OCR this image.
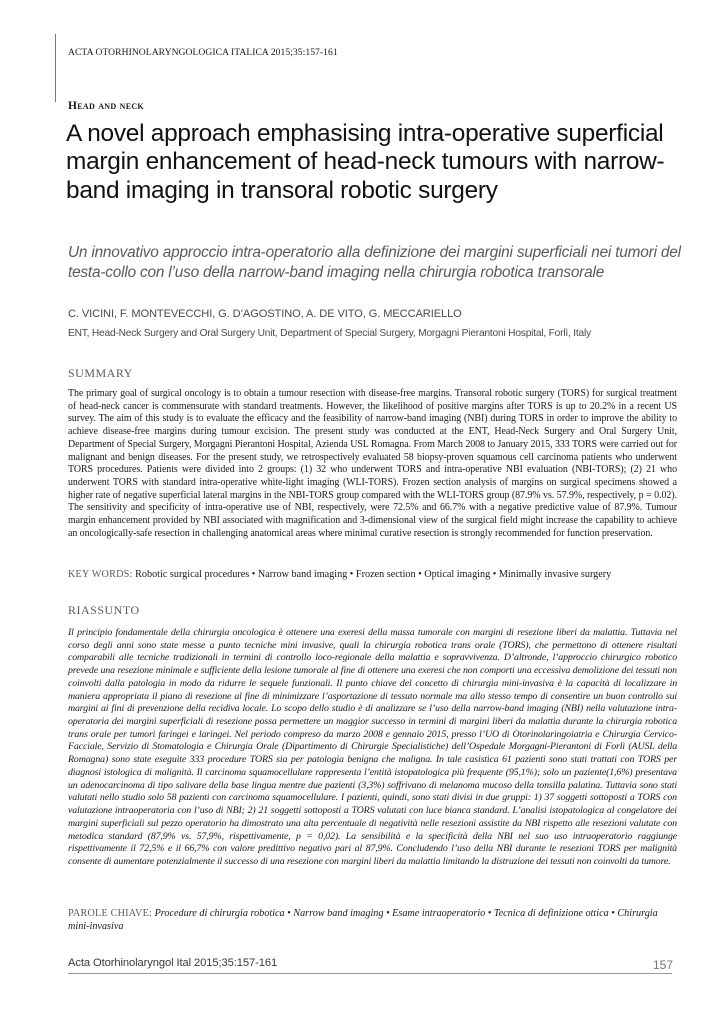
ACTA OTORHINOLARYNGOLOGICA ITALICA 2015;35:157-161
Head and neck
A novel approach emphasising intra-operative superficial margin enhancement of head-neck tumours with narrow-band imaging in transoral robotic surgery
Un innovativo approccio intra-operatorio alla definizione dei margini superficiali nei tumori del testa-collo con l’uso della narrow-band imaging nella chirurgia robotica transorale
C. VICINI, F. MONTEVECCHI, G. D’AGOSTINO, A. DE VITO, G. MECCARIELLO
ENT, Head-Neck Surgery and Oral Surgery Unit, Department of Special Surgery, Morgagni Pierantoni Hospital, Forlì, Italy
SUMMARY
The primary goal of surgical oncology is to obtain a tumour resection with disease-free margins. Transoral robotic surgery (TORS) for surgical treatment of head-neck cancer is commensurate with standard treatments. However, the likelihood of positive margins after TORS is up to 20.2% in a recent US survey. The aim of this study is to evaluate the efficacy and the feasibility of narrow-band imaging (NBI) during TORS in order to improve the ability to achieve disease-free margins during tumour excision. The present study was conducted at the ENT, Head-Neck Surgery and Oral Surgery Unit, Department of Special Surgery, Morgagni Pierantoni Hospital, Azienda USL Romagna. From March 2008 to January 2015, 333 TORS were carried out for malignant and benign diseases. For the present study, we retrospectively evaluated 58 biopsy-proven squamous cell carcinoma patients who underwent TORS procedures. Patients were divided into 2 groups: (1) 32 who underwent TORS and intra-operative NBI evaluation (NBI-TORS); (2) 21 who underwent TORS with standard intra-operative white-light imaging (WLI-TORS). Frozen section analysis of margins on surgical specimens showed a higher rate of negative superficial lateral margins in the NBI-TORS group compared with the WLI-TORS group (87.9% vs. 57.9%, respectively, p = 0.02). The sensitivity and specificity of intra-operative use of NBI, respectively, were 72.5% and 66.7% with a negative predictive value of 87.9%. Tumour margin enhancement provided by NBI associated with magnification and 3-dimensional view of the surgical field might increase the capability to achieve an oncologically-safe resection in challenging anatomical areas where minimal curative resection is strongly recommended for function preservation.
KEY WORDS: Robotic surgical procedures • Narrow band imaging • Frozen section • Optical imaging • Minimally invasive surgery
RIASSUNTO
Il principio fondamentale della chirurgia oncologica è ottenere una exeresi della massa tumorale con margini di resezione liberi da malattia. Tuttavia nel corso degli anni sono state messe a punto tecniche mini invasive, quali la chirurgia robotica trans orale (TORS), che permettono di ottenere risultati comparabili alle tecniche tradizionali in termini di controllo loco-regionale della malattia e sopravvivenza. D’altronde, l’approccio chirurgico robotico prevede una resezione minimale e sufficiente della lesione tumorale al fine di ottenere una exeresi che non comporti una eccessiva demolizione dei tessuti non coinvolti dalla patologia in modo da ridurre le sequele funzionali. Il punto chiave del concetto di chirurgia mini-invasiva è la capacità di localizzare in maniera appropriata il piano di resezione al fine di minimizzare l’asportazione di tessuto normale ma allo stesso tempo di consentire un buon controllo sui margini ai fini di prevenzione della recidiva locale. Lo scopo dello studio è di analizzare se l’uso della narrow-band imaging (NBI) nella valutazione intra-operatoria dei margini superficiali di resezione possa permettere un maggior successo in termini di margini liberi da malattia durante la chirurgia robotica trans orale per tumori faringei e laringei. Nel periodo compreso da marzo 2008 e gennaio 2015, presso l’UO di Otorinolaringoiatria e Chirurgia Cervico-Facciale, Servizio di Stomatologia e Chirurgia Orale (Dipartimento di Chirurgie Specialistiche) dell’Ospedale Morgagni-Pierantoni di Forlì (AUSL della Romagna) sono state eseguite 333 procedure TORS sia per patologia benigna che maligna. In tale casistica 61 pazienti sono stati trattati con TORS per diagnosi istologica di malignità. Il carcinoma squamocellulare rappresenta l’entità istopatologica più frequente (95,1%); solo un paziente(1,6%) presentava un adenocarcinoma di tipo salivare della base lingua mentre due pazienti (3,3%) soffrivano di melanoma mucoso della tonsilla palatina. Tuttavia sono stati valutati nello studio solo 58 pazienti con carcinoma squamocellulare. I pazienti, quindi, sono stati divisi in due gruppi: 1) 37 soggetti sottoposti a TORS con valutazione intraoperatoria con l’uso di NBI; 2) 21 soggetti sottoposti a TORS valutati con luce bianca standard. L’analisi istopatologica al congelatore dei margini superficiali sul pezzo operatorio ha dimostrato una alta percentuale di negatività nelle resezioni assistite da NBI rispetto alle resezioni valutate con metodica standard (87,9% vs. 57,9%, rispettivamente, p = 0,02). La sensibilità e la specificità della NBI nel suo uso intraoperatorio raggiunge rispettivamente il 72,5% e il 66,7% con valore predittivo negativo pari al 87,9%. Concludendo l’uso della NBI durante le resezioni TORS per malignità consente di aumentare potenzialmente il successo di una resezione con margini liberi da malattia limitando la distruzione dei tessuti non coinvolti da tumore.
PAROLE CHIAVE: Procedure di chirurgia robotica • Narrow band imaging • Esame intraoperatorio • Tecnica di definizione ottica • Chirurgia mini-invasiva
Acta Otorhinolaryngol Ital 2015;35:157-161	157
